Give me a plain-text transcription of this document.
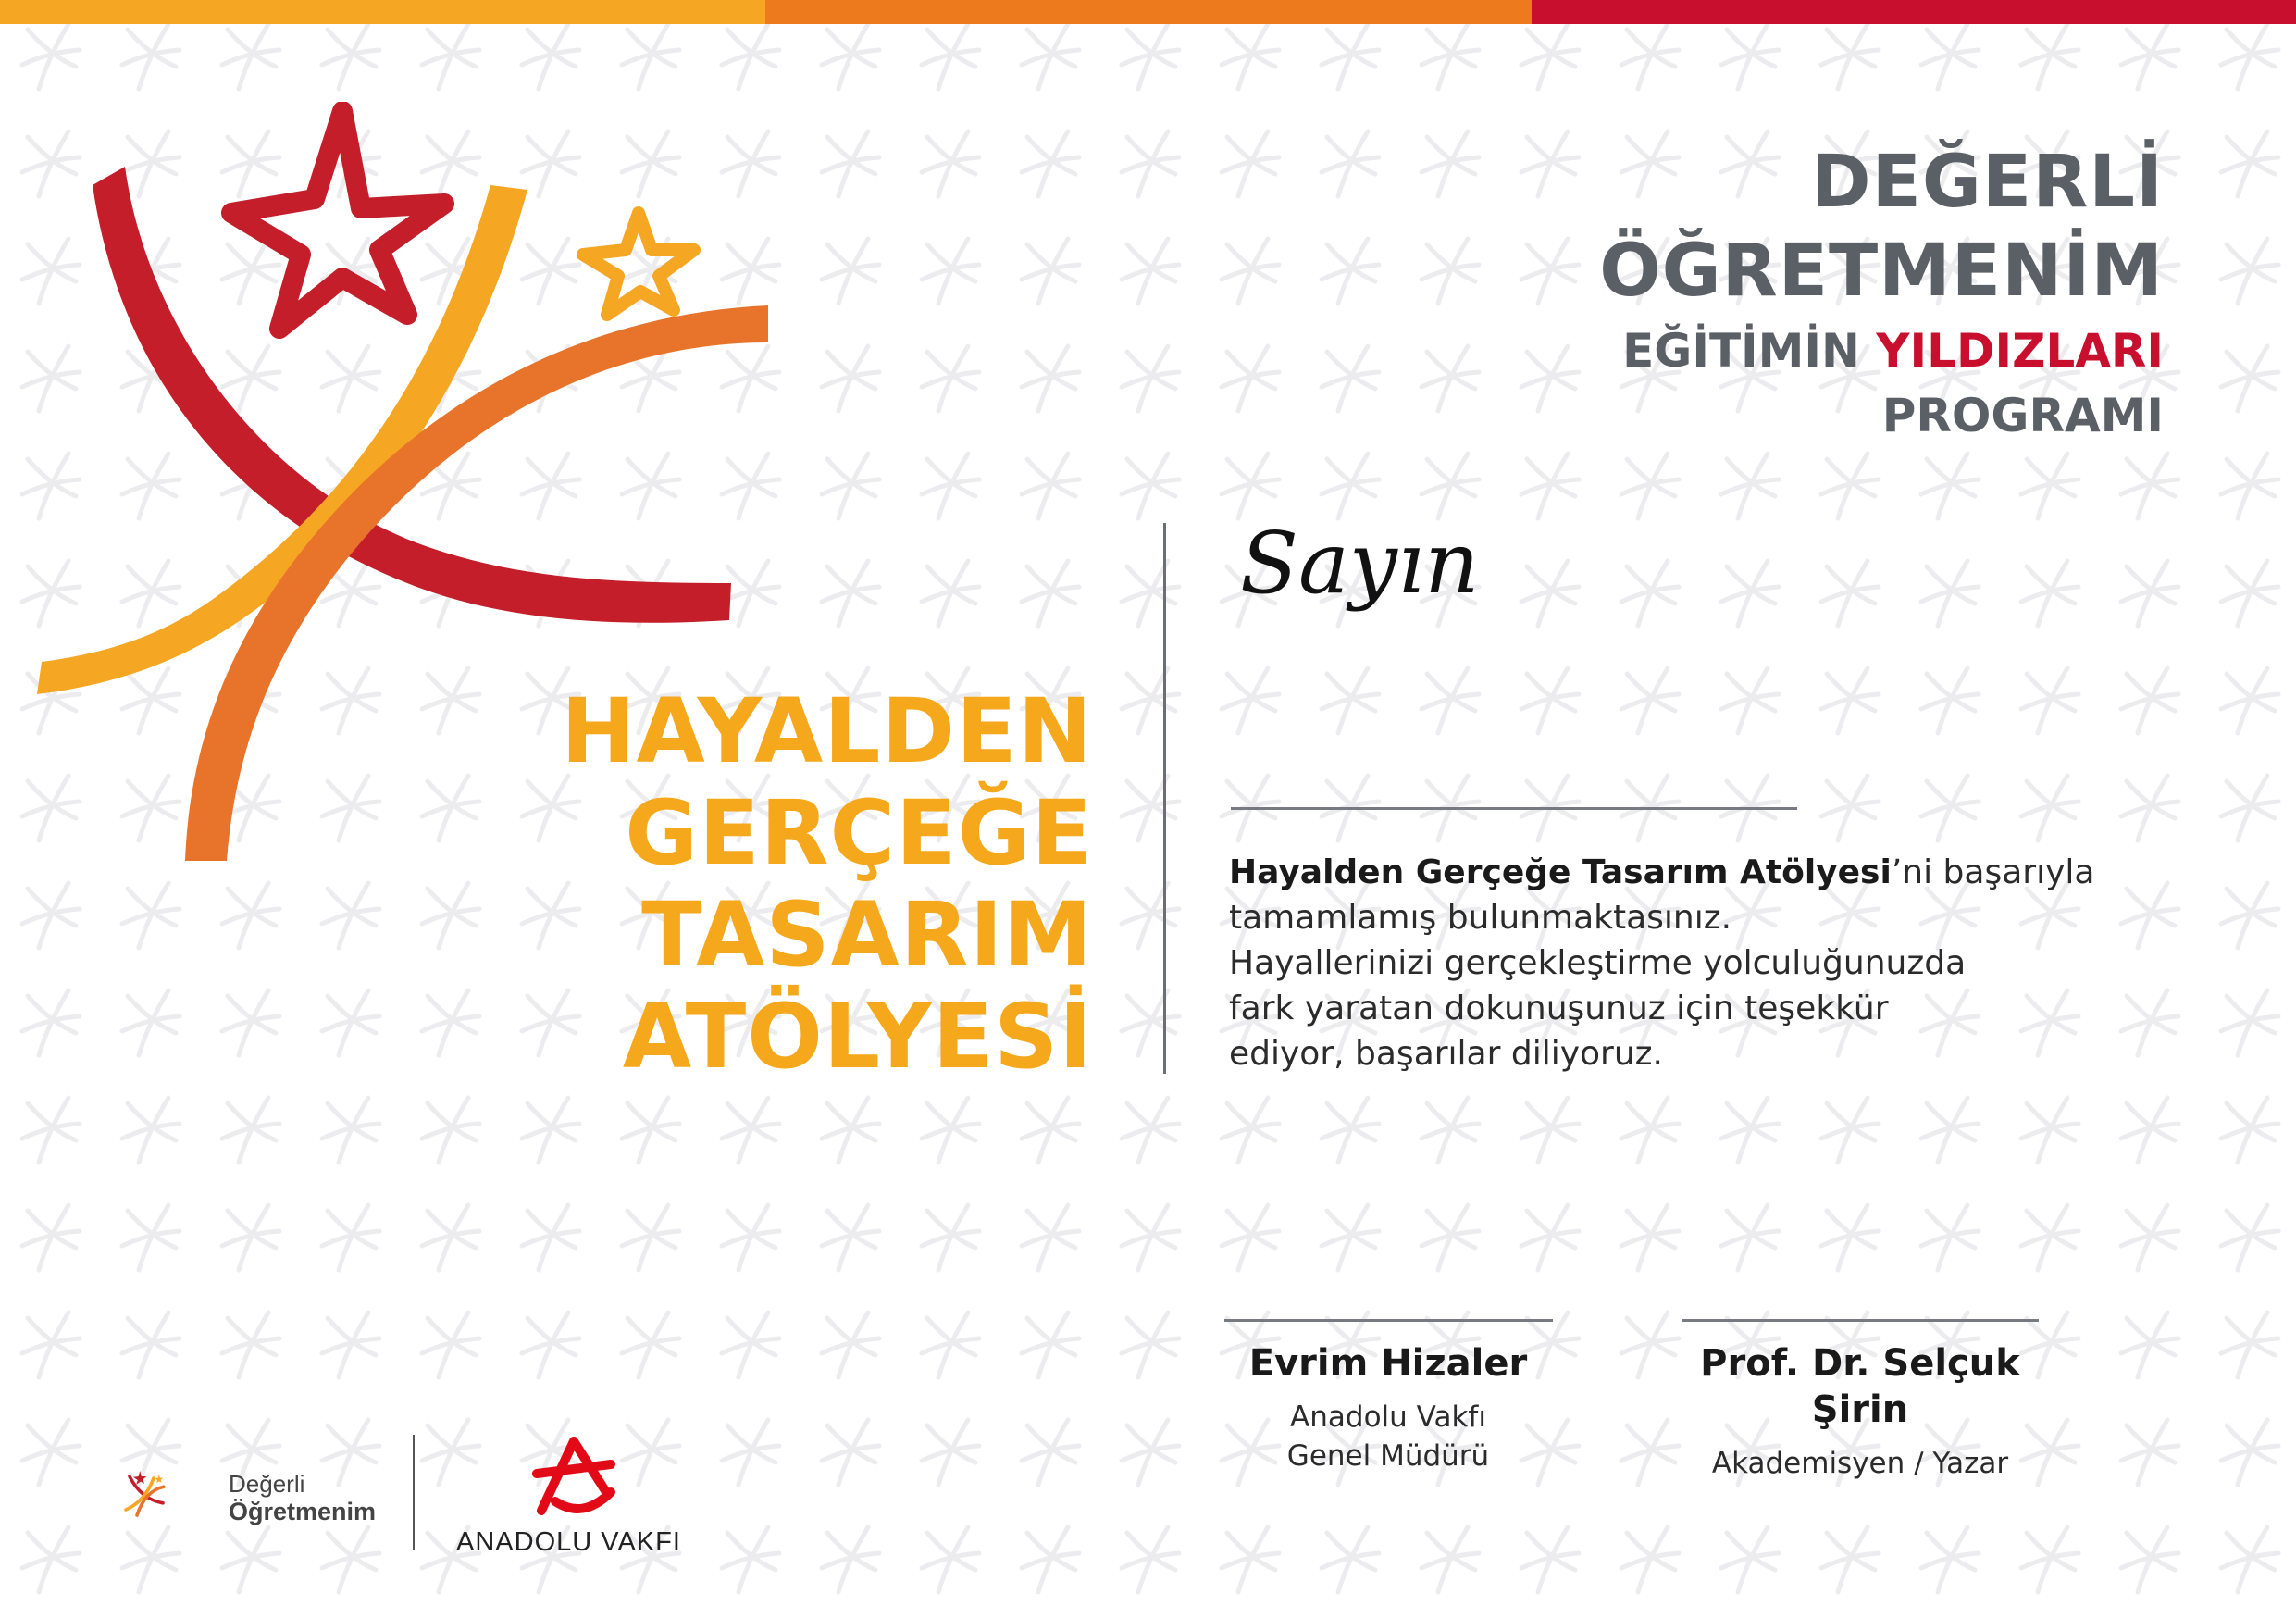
DEĞERLİ
ÖĞRETMENİM
EĞİTİMİN YILDIZLARI
PROGRAMI
HAYALDEN
GERÇEĞE
TASARIM
ATÖLYESİ
Sayın

Hayalden Gerçeğe Tasarım Atölyesi’ni başarıyla

tamamlamış bulunmaktasınız.

Hayallerinizi gerçekleştirme yolculuğunuzda

fark yaratan dokunuşunuz için teşekkür

ediyor, başarılar diliyoruz.

Evrim Hizaler
Anadolu Vakfı
Genel Müdürü
Prof. Dr. Selçuk Şirin
Akademisyen / Yazar
Değerli
Öğretmenim
ANADOLU VAKFI
